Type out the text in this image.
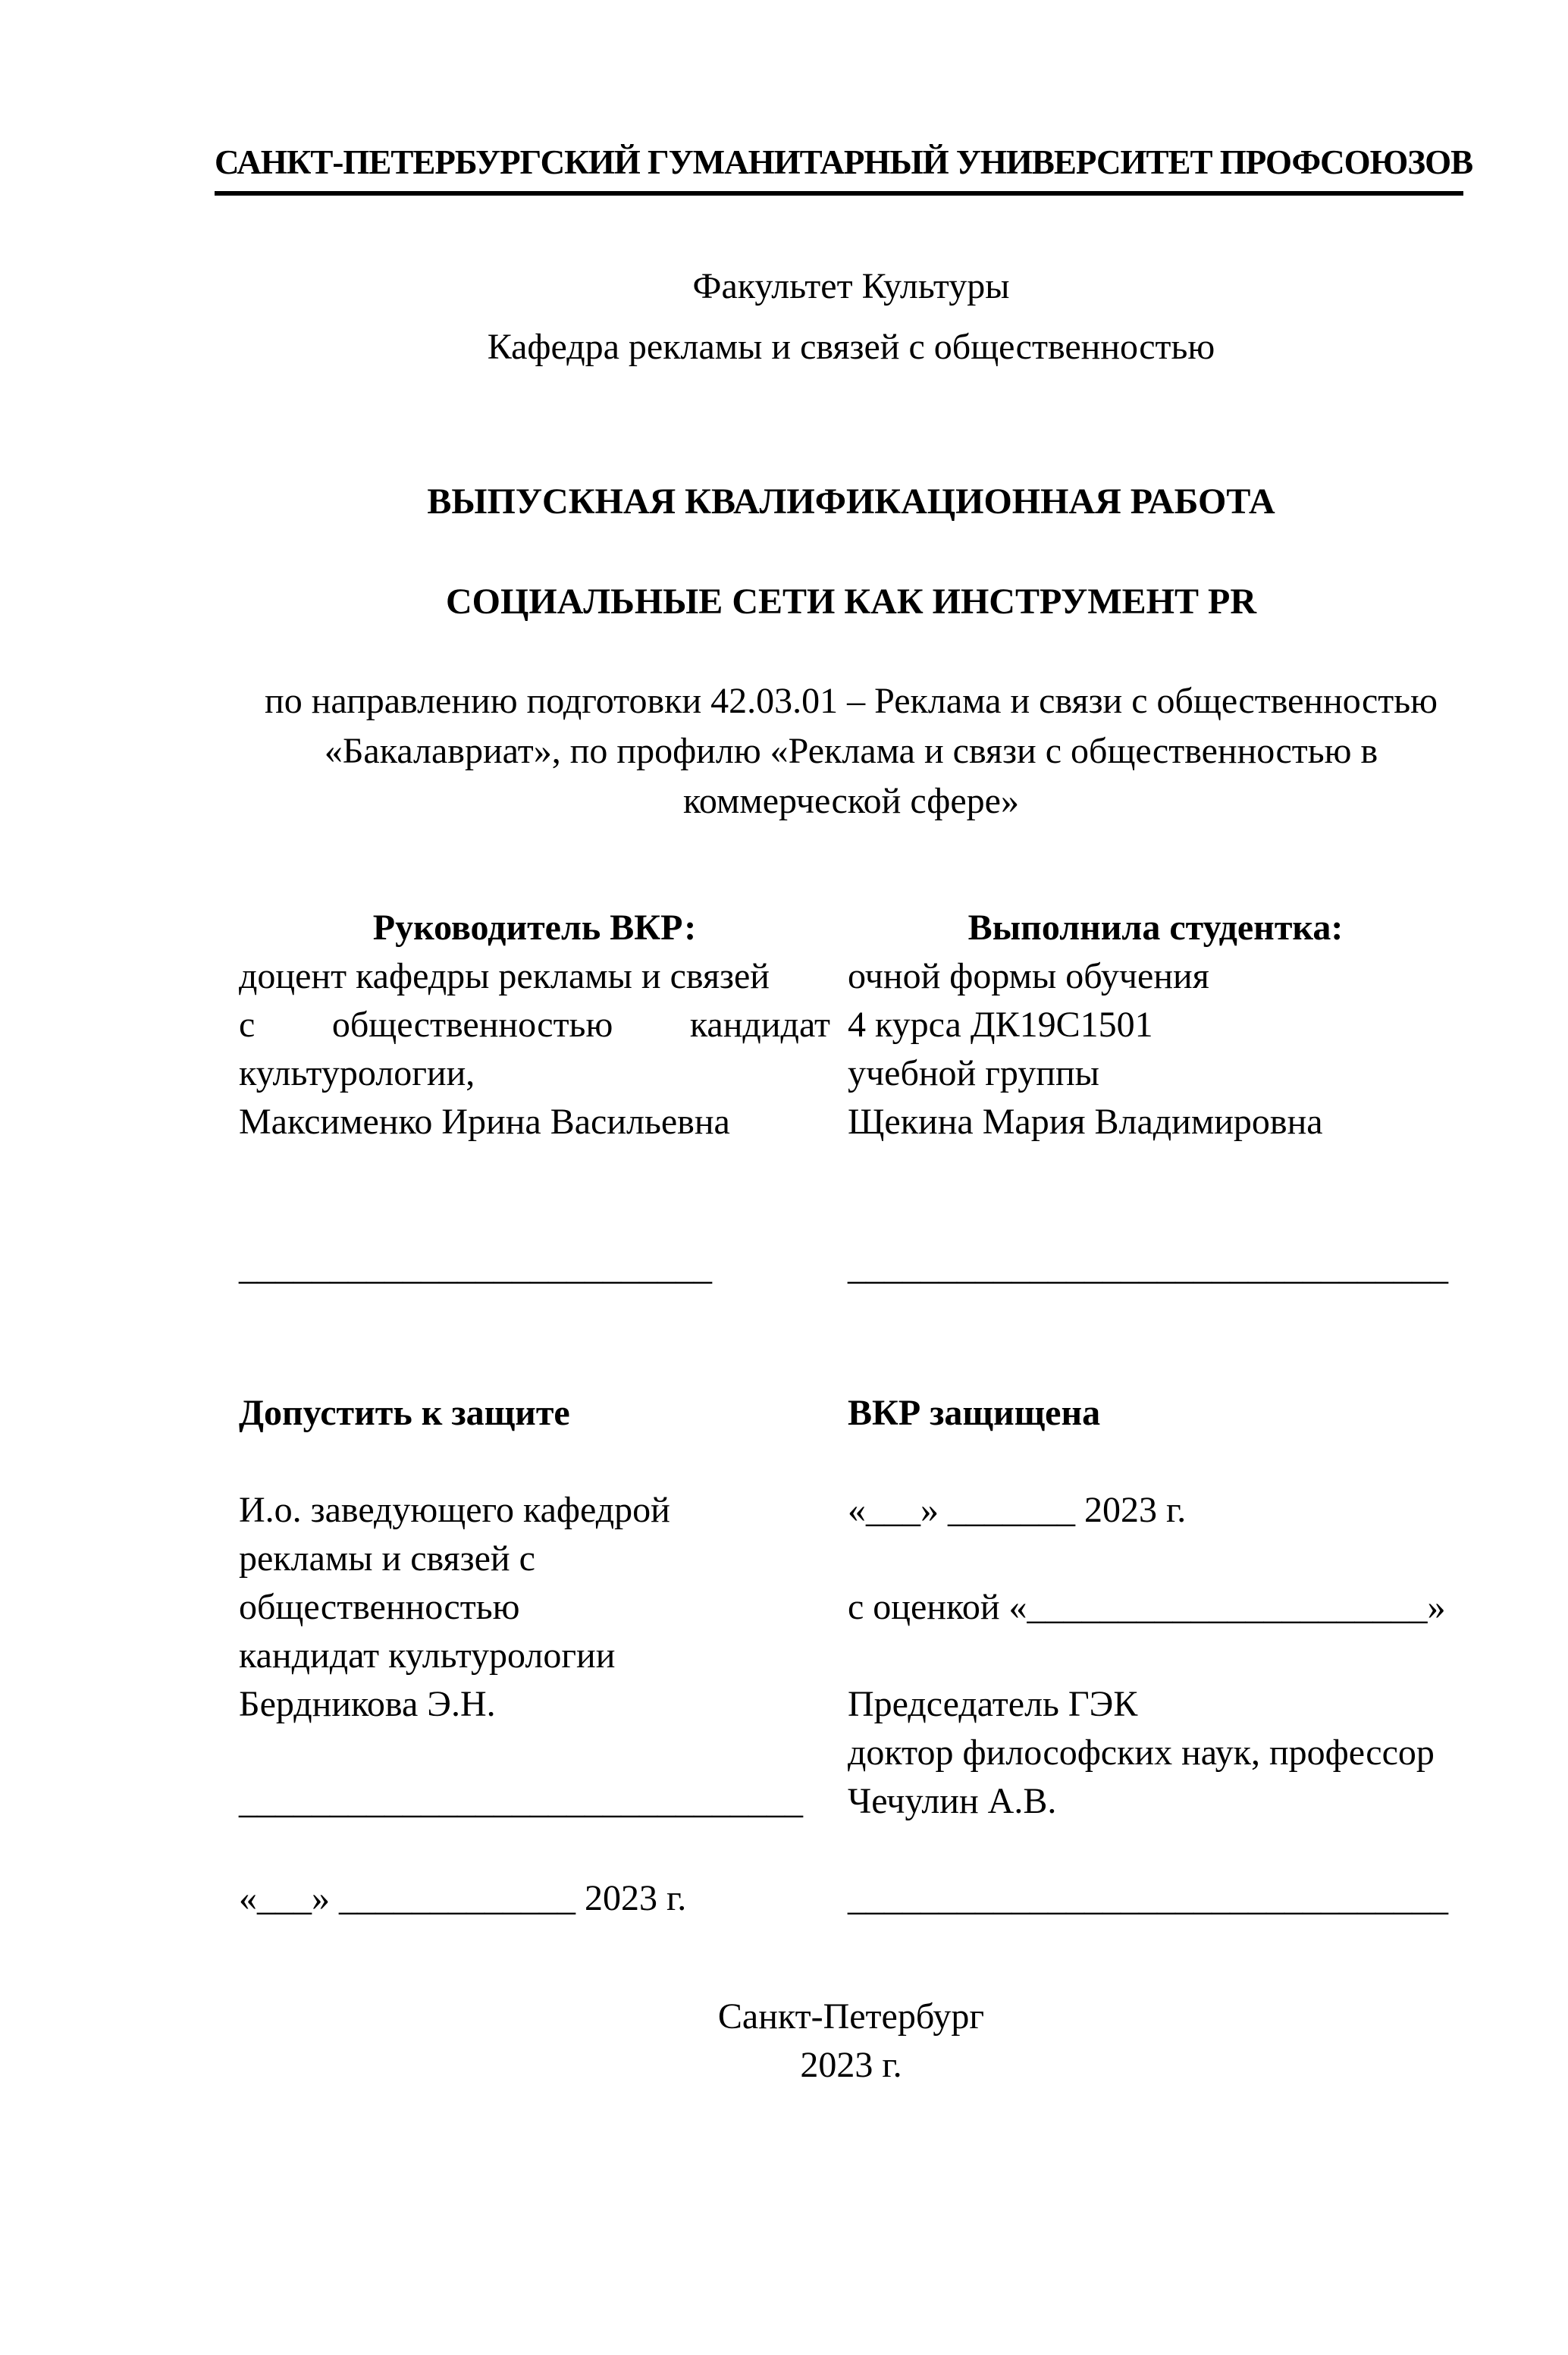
САНКТ-ПЕТЕРБУРГСКИЙ ГУМАНИТАРНЫЙ УНИВЕРСИТЕТ ПРОФСОЮЗОВ
Факультет Культуры
Кафедра рекламы и связей с общественностью
ВЫПУСКНАЯ КВАЛИФИКАЦИОННАЯ РАБОТА
СОЦИАЛЬНЫЕ СЕТИ КАК ИНСТРУМЕНТ PR
по направлению подготовки 42.03.01 – Реклама и связи с общественностью
«Бакалавриат», по профилю «Реклама и связи с общественностью в
коммерческой сфере»
Руководитель ВКР:
доцент кафедры рекламы и связей
с общественностью кандидат
культурологии,
Максименко Ирина Васильевна
__________________________
Выполнила студентка:
очной формы обучения
4 курса ДК19С1501
учебной группы
Щекина Мария Владимировна
_________________________________
Допустить к защите
И.о. заведующего кафедрой
рекламы и связей с
общественностью
кандидат культурологии
Бердникова Э.Н.
_______________________________
«___» _____________ 2023 г.
ВКР защищена
«___» _______ 2023 г.
с оценкой «______________________»
Председатель ГЭК
доктор философских наук, профессор
Чечулин А.В.
_________________________________
Санкт-Петербург
2023 г.
